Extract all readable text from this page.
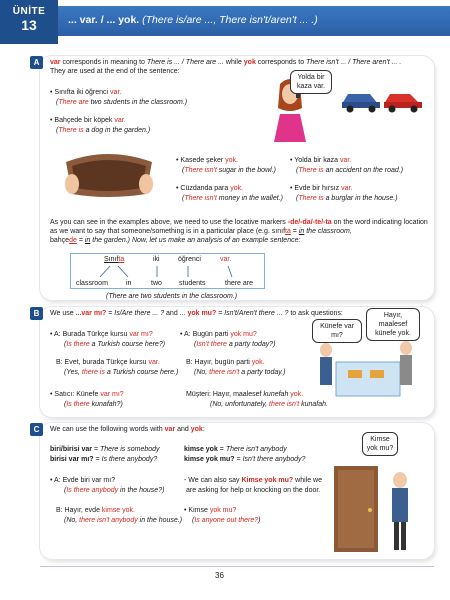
ÜNİTE
13	... var. / ... yok. (There is/are ..., There isn't/aren't ... .)
A	var corresponds in meaning to There is ... / There are ... while yok corresponds to There isn't ... / There aren't ... .
They are used at the end of the sentence:
• Sınıfta iki öğrenci var.
(There are two students in the classroom.)
• Bahçede bir köpek var.
(There is a dog in the garden.)
Yolda bir
kaza var.
• Kasede şeker yok.
(There isn't sugar in the bowl.)
• Yolda bir kaza var.
(There is an accident on the road.)
• Cüzdanda para yok.
(There isn't money in the wallet.)
• Evde bir hırsız var.
(There is a burglar in the house.)
As you can see in the examples above, we need to use the locative markers -de/-da/-te/-ta on the word indicating location
as we want to say that someone/something is in a particular place (e.g. sınıfta = in the classroom,
bahçede = in the garden.) Now, let us make an analysis of an example sentence:
Sınıfta	iki	öğrenci	var.
classroom	in	two students	there are
(There are two students in the classroom.)
B	We use ...var mı? = Is/Are there ... ? and ... yok mu? = Isn't/Aren't there ... ? to ask questions:
Künefe var mı?
Hayır, maalesef
künefe yok.
• A: Burada Türkçe kursu var mı?
(Is there a Turkish course here?)
B: Evet, burada Türkçe kursu var.
(Yes, there is a Turkish course here.)
• A: Bugün parti yok mu?
(Isn't there a party today?)
B: Hayır, bugün parti yok.
(No, there isn't a party today.)
• Satıcı: Künefe var mı?
(Is there kunafah?)
Müşteri: Hayır, maalesef kunefah yok.
(No, unfortunately, there isn't kunafah.
C	We can use the following words with var and yok:
Kimse
yok mu?
biri/birisi var = There is somebody
birisi var mı? = Is there anybody?
kimse yok = There isn't anybody
kimse yok mu? = Isn't there anybody?
• A: Evde biri var mı?
(Is there anybody in the house?)
B: Hayır, evde kimse yok.
(No, there isn't anybody in the house.)
- We can also say Kimse yok mu? while we
are asking for help or knocking on the door.
• Kimse yok mu?
(Is anyone out there?)
36
